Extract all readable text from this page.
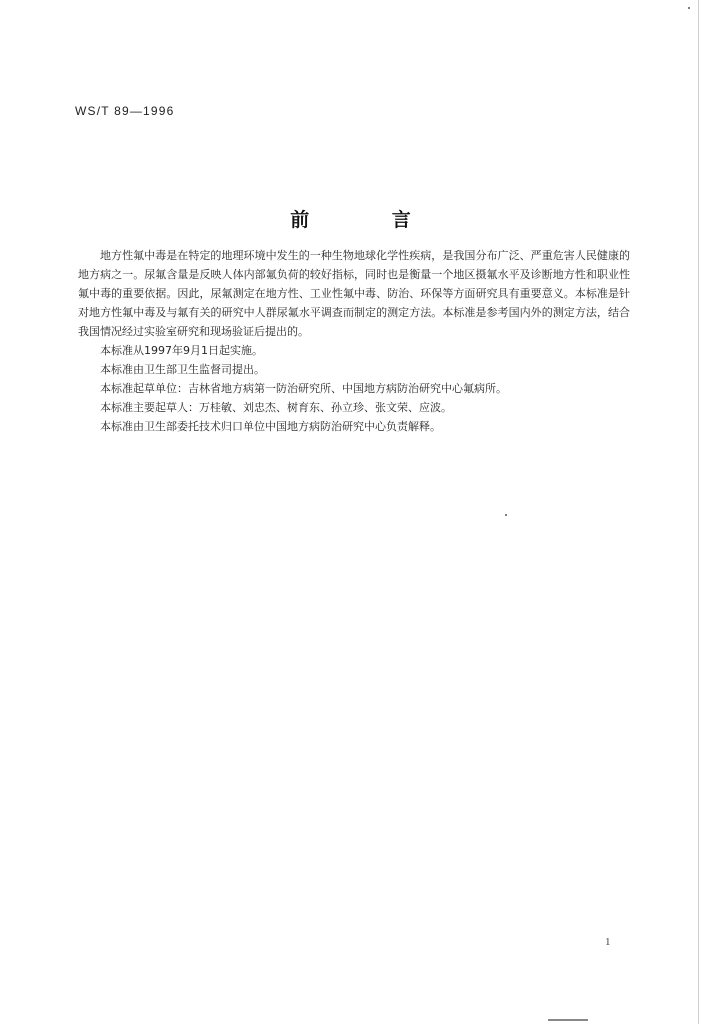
WS/T 89—1996
前 言

地方性氟中毒是在特定的地理环境中发生的一种生物地球化学性疾病，是我国分布广泛、严重危害人民健康的地方病之一。尿氟含量是反映人体内部氟负荷的较好指标，同时也是衡量一个地区摄氟水平及诊断地方性和职业性氟中毒的重要依据。因此，尿氟测定在地方性、工业性氟中毒、防治、环保等方面研究具有重要意义。本标准是针对地方性氟中毒及与氟有关的研究中人群尿氟水平调查而制定的测定方法。本标准是参考国内外的测定方法，结合我国情况经过实验室研究和现场验证后提出的。

本标准从1997年9月1日起实施。

本标准由卫生部卫生监督司提出。

本标准起草单位：吉林省地方病第一防治研究所、中国地方病防治研究中心氟病所。

本标准主要起草人：万桂敏、刘忠杰、树育东、孙立珍、张文荣、应波。

本标准由卫生部委托技术归口单位中国地方病防治研究中心负责解释。

1
